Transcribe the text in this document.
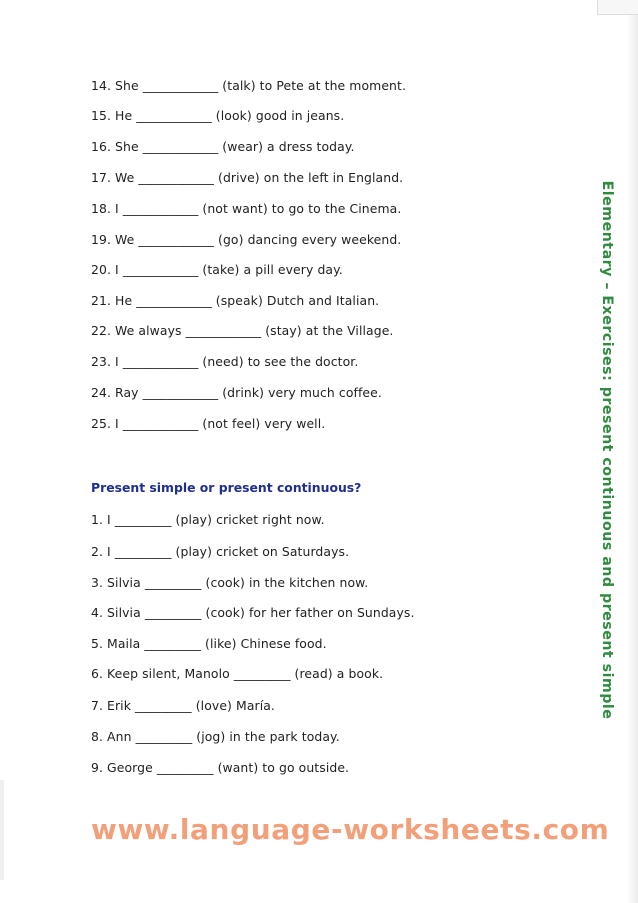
14. She ____________ (talk) to Pete at the moment.
15. He ____________ (look) good in jeans.
16. She ____________ (wear) a dress today.
17. We ____________ (drive) on the left in England.
18. I ____________ (not want) to go to the Cinema.
19. We ____________ (go) dancing every weekend.
20. I ____________ (take) a pill every day.
21. He ____________ (speak) Dutch and Italian.
22. We always ____________ (stay) at the Village.
23. I ____________ (need) to see the doctor.
24. Ray ____________ (drink) very much coffee.
25. I ____________ (not feel) very well.
Present simple or present continuous?
1. I _________ (play) cricket right now.
2. I _________ (play) cricket on Saturdays.
3. Silvia _________ (cook) in the kitchen now.
4. Silvia _________ (cook) for her father on Sundays.
5. Maila _________ (like) Chinese food.
6. Keep silent, Manolo _________ (read) a book.
7. Erik _________ (love) María.
8. Ann _________ (jog) in the park today.
9. George _________ (want) to go outside.
Elementary – Exercises: present continuous and present simple
www.language-worksheets.com
